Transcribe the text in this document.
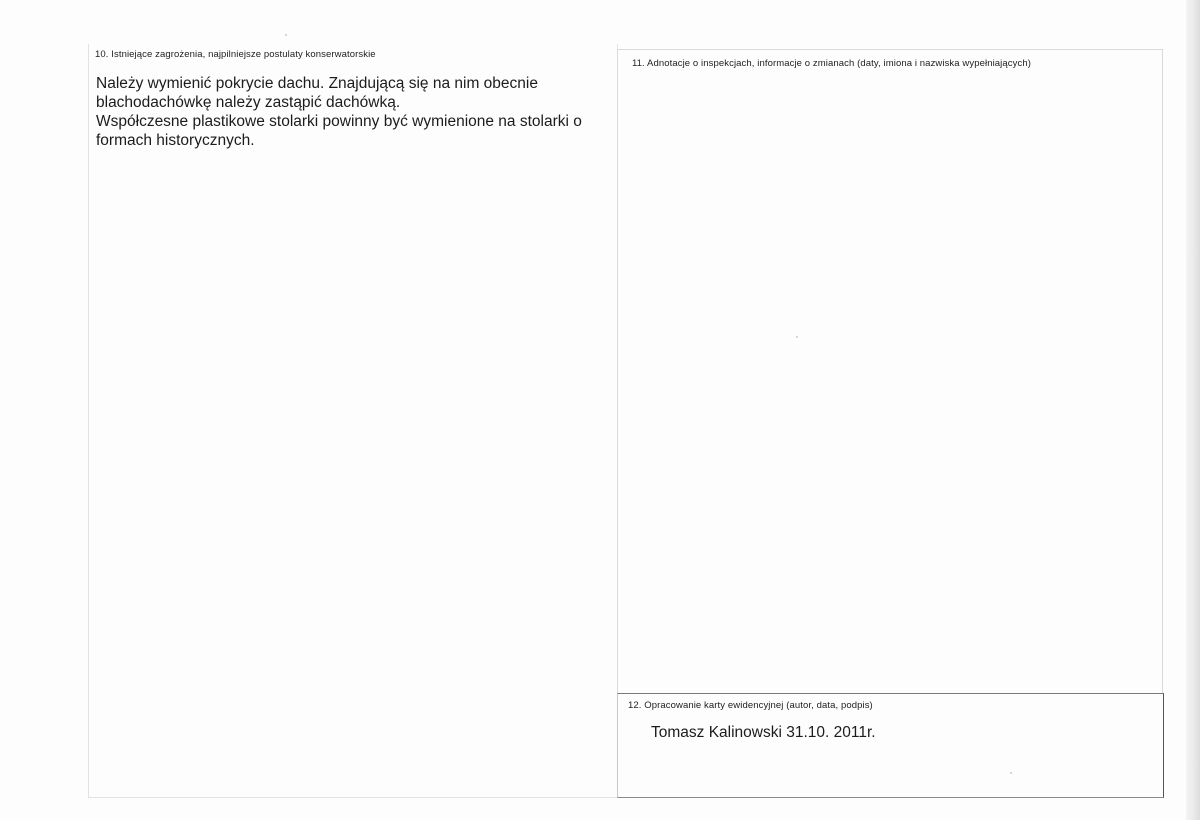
10. Istniejące zagrożenia, najpilniejsze postulaty konserwatorskie

Należy wymienić pokrycie dachu. Znajdującą się na nim obecnie blachodachówkę należy zastąpić dachówką.

Współczesne plastikowe stolarki powinny być wymienione na stolarki o formach historycznych.

11. Adnotacje o inspekcjach, informacje o zmianach (daty, imiona i nazwiska wypełniających)
12. Opracowanie karty ewidencyjnej (autor, data, podpis)
Tomasz Kalinowski 31.10. 2011r.
